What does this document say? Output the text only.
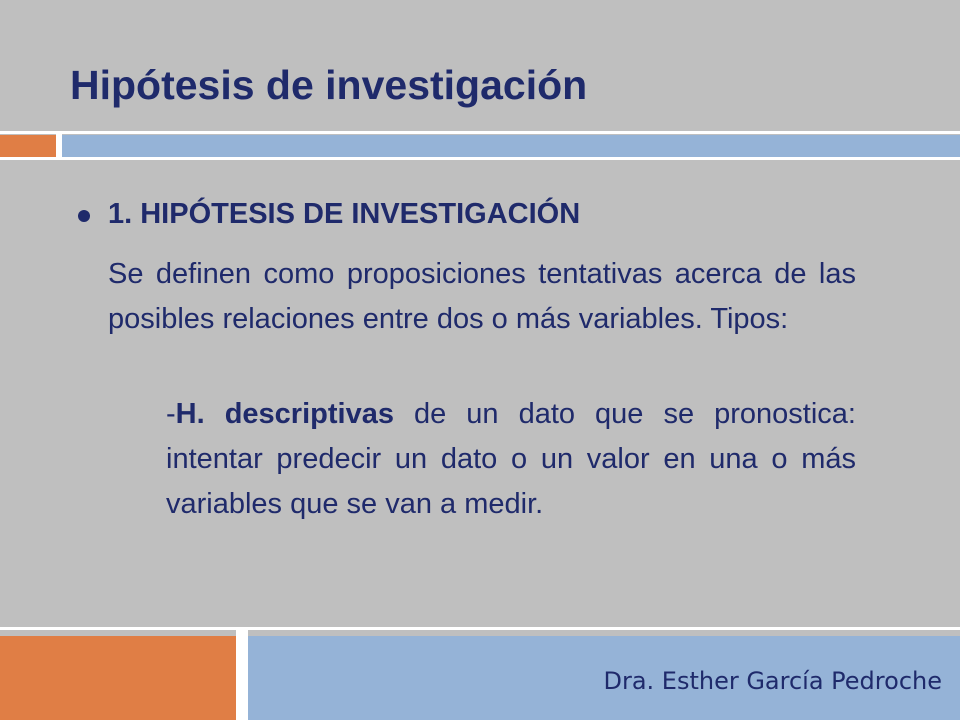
Hipótesis de investigación
1. HIPÓTESIS DE INVESTIGACIÓN

Se definen como proposiciones tentativas acerca de las posibles relaciones entre dos o más variables. Tipos:

-H. descriptivas de un dato que se pronostica: intentar predecir un dato o un valor en una o más variables que se van a medir.

Dra. Esther García Pedroche
